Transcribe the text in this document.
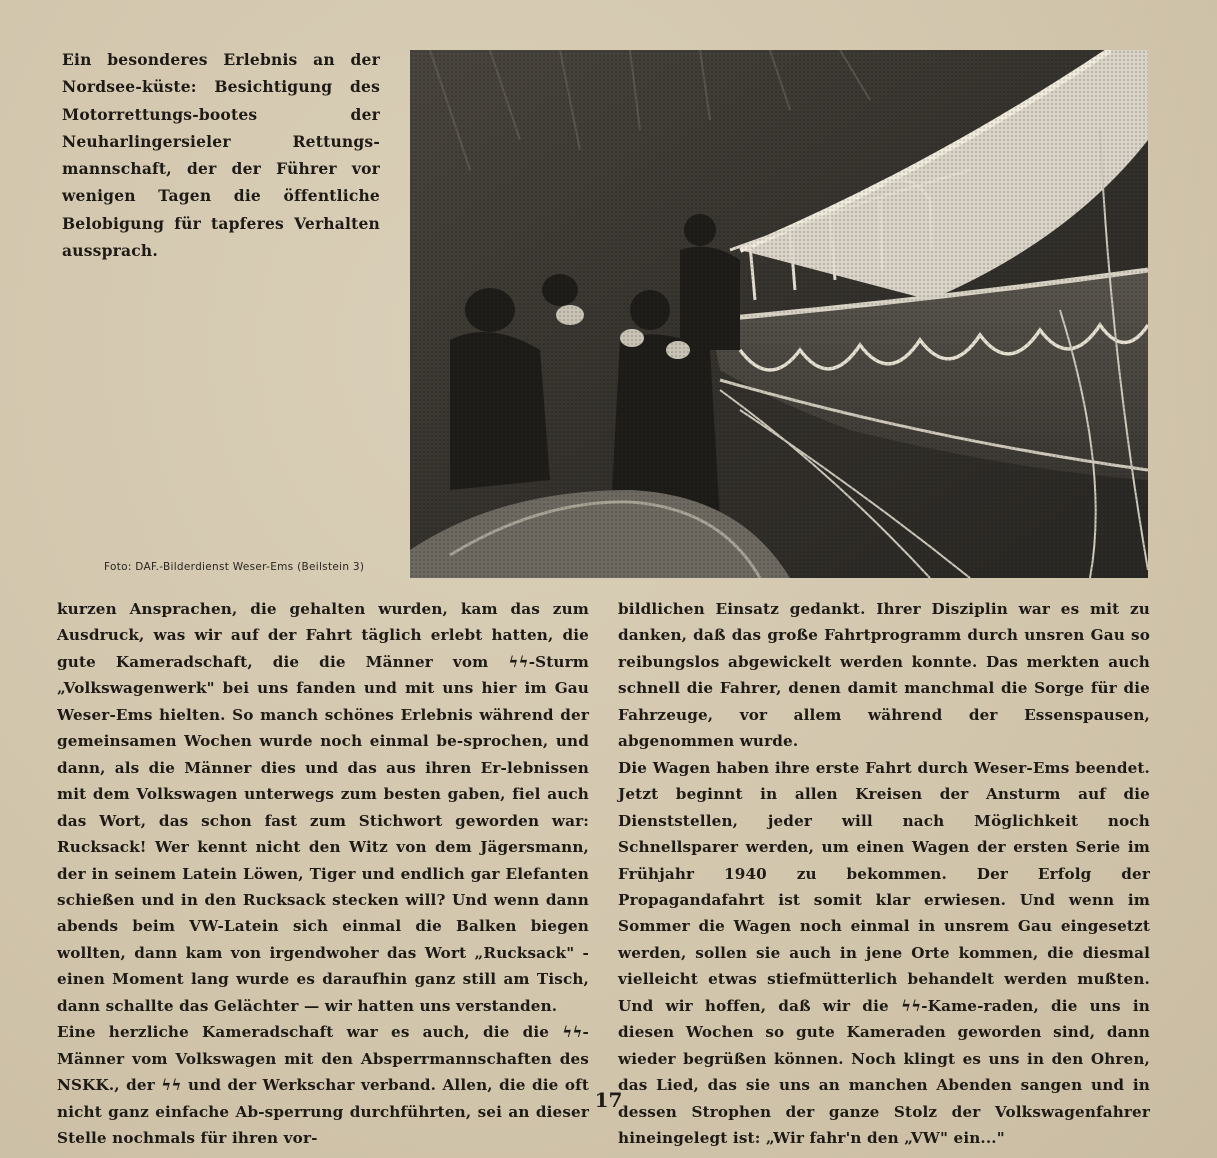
Ein besonderes Erlebnis an der Nordsee-küste: Besichtigung des Motorrettungs-bootes der Neuharlingersieler Rettungs-mannschaft, der der Führer vor wenigen Tagen die öffentliche Belobigung für tapferes Verhalten aussprach.
Foto: DAF.-Bilderdienst Weser-Ems (Beilstein 3)

kurzen Ansprachen, die gehalten wurden, kam das zum Ausdruck, was wir auf der Fahrt täglich erlebt hatten, die gute Kameradschaft, die die Männer vom ϟϟ-Sturm „Volkswagenwerk" bei uns fanden und mit uns hier im Gau Weser-Ems hielten. So manch schönes Erlebnis während der gemeinsamen Wochen wurde noch einmal be-sprochen, und dann, als die Männer dies und das aus ihren Er-lebnissen mit dem Volkswagen unterwegs zum besten gaben, fiel auch das Wort, das schon fast zum Stichwort geworden war: Rucksack! Wer kennt nicht den Witz von dem Jägersmann, der in seinem Latein Löwen, Tiger und endlich gar Elefanten schießen und in den Rucksack stecken will? Und wenn dann abends beim VW-Latein sich einmal die Balken biegen wollten, dann kam von irgendwoher das Wort „Rucksack" - einen Moment lang wurde es daraufhin ganz still am Tisch, dann schallte das Gelächter — wir hatten uns verstanden.

Eine herzliche Kameradschaft war es auch, die die ϟϟ-Männer vom Volkswagen mit den Absperrmannschaften des NSKK., der ϟϟ und der Werkschar verband. Allen, die die oft nicht ganz einfache Ab-sperrung durchführten, sei an dieser Stelle nochmals für ihren vor-

bildlichen Einsatz gedankt. Ihrer Disziplin war es mit zu danken, daß das große Fahrtprogramm durch unsren Gau so reibungslos abgewickelt werden konnte. Das merkten auch schnell die Fahrer, denen damit manchmal die Sorge für die Fahrzeuge, vor allem während der Essenspausen, abgenommen wurde.

Die Wagen haben ihre erste Fahrt durch Weser-Ems beendet. Jetzt beginnt in allen Kreisen der Ansturm auf die Dienststellen, jeder will nach Möglichkeit noch Schnellsparer werden, um einen Wagen der ersten Serie im Frühjahr 1940 zu bekommen. Der Erfolg der Propagandafahrt ist somit klar erwiesen. Und wenn im Sommer die Wagen noch einmal in unsrem Gau eingesetzt werden, sollen sie auch in jene Orte kommen, die diesmal vielleicht etwas stiefmütterlich behandelt werden mußten. Und wir hoffen, daß wir die ϟϟ-Kame-raden, die uns in diesen Wochen so gute Kameraden geworden sind, dann wieder begrüßen können. Noch klingt es uns in den Ohren, das Lied, das sie uns an manchen Abenden sangen und in dessen Strophen der ganze Stolz der Volkswagenfahrer hineingelegt ist: „Wir fahr'n den „VW" ein..."

17
